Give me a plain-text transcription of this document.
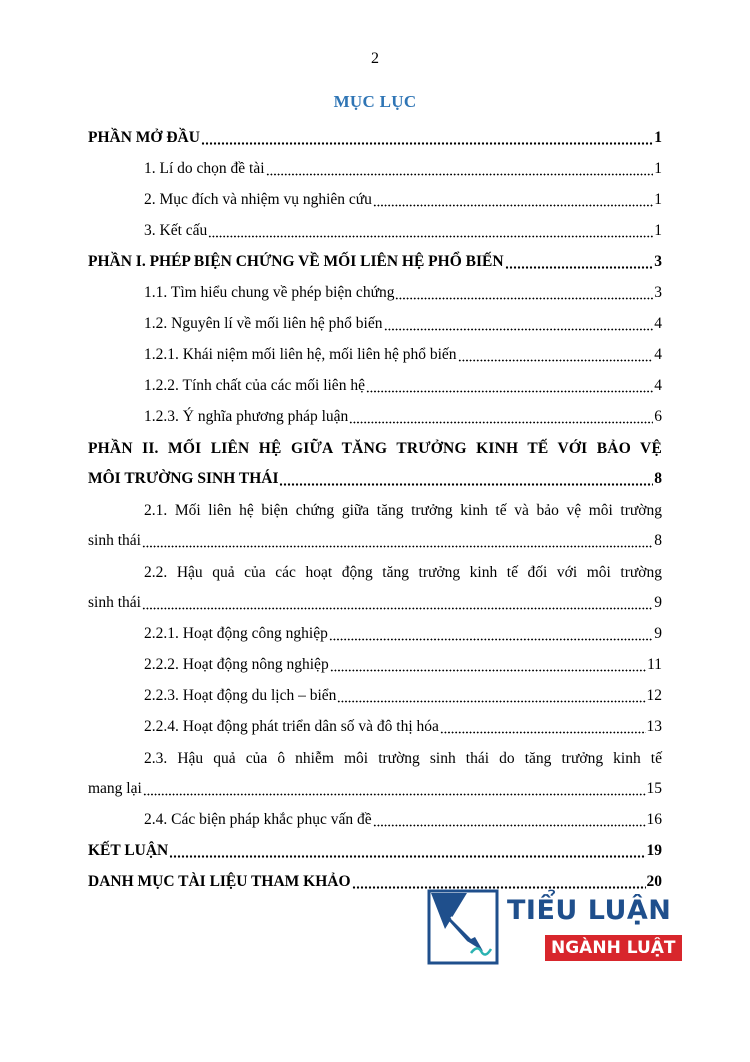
2
MỤC LỤC
PHẦN MỞ ĐẦU	1
1. Lí do chọn đề tài	1
2. Mục đích và nhiệm vụ nghiên cứu	1
3. Kết cấu	1
PHẦN I. PHÉP BIỆN CHỨNG VỀ MỐI LIÊN HỆ PHỔ BIẾN	3
1.1. Tìm hiểu chung về phép biện chứng	3
1.2. Nguyên lí về mối liên hệ phổ biến	4
1.2.1. Khái niệm mối liên hệ, mối liên hệ phổ biến	4
1.2.2. Tính chất của các mối liên hệ	4
1.2.3. Ý nghĩa phương pháp luận	6
PHẦN II. MỐI LIÊN HỆ GIỮA TĂNG TRƯỞNG KINH TẾ VỚI BẢO VỆ
MÔI TRƯỜNG SINH THÁI	8
2.1. Mối liên hệ biện chứng giữa tăng trưởng kinh tế và bảo vệ môi trường
sinh thái	8
2.2. Hậu quả của các hoạt động tăng trưởng kinh tế đối với môi trường
sinh thái	9
2.2.1. Hoạt động công nghiệp	9
2.2.2. Hoạt động nông nghiệp	11
2.2.3. Hoạt động du lịch – biển	12
2.2.4. Hoạt động phát triển dân số và đô thị hóa	13
2.3. Hậu quả của ô nhiễm môi trường sinh thái do tăng trưởng kinh tế
mang lại	15
2.4. Các biện pháp khắc phục vấn đề	16
KẾT LUẬN	19
DANH MỤC TÀI LIỆU THAM KHẢO	20
TIỂU LUẬN
NGÀNH LUẬT
